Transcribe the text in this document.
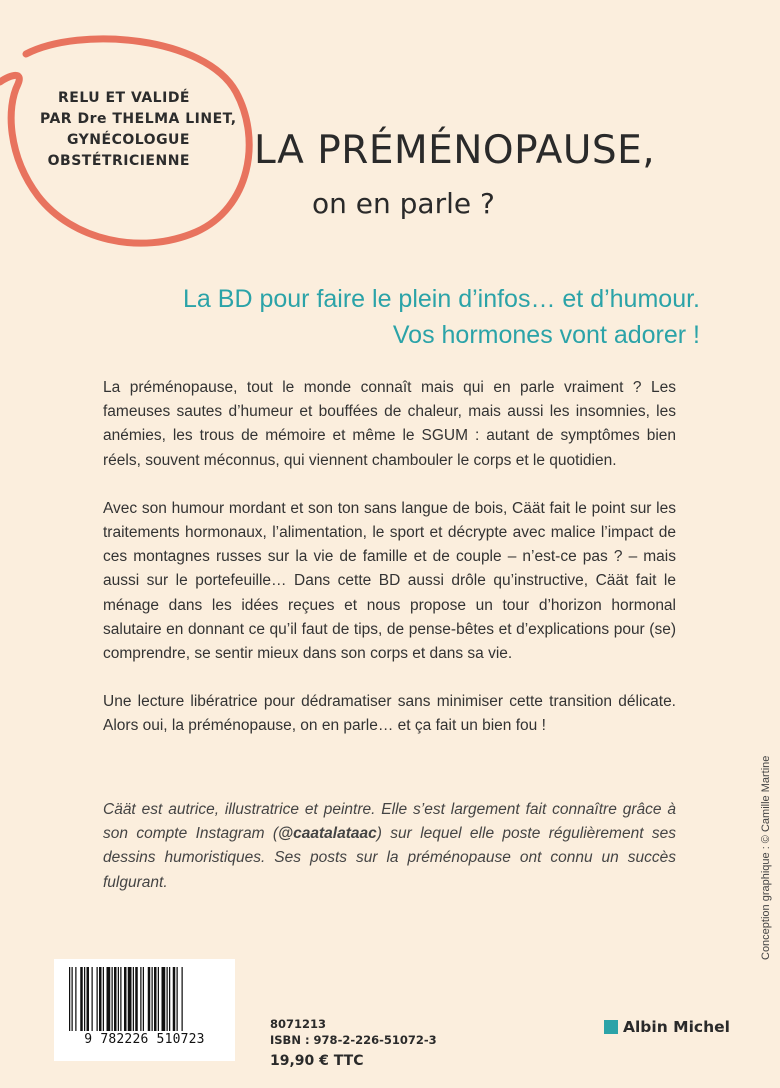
RELU ET VALIDÉ
PAR Dre THELMA LINET,
GYNÉCOLOGUE
OBSTÉTRICIENNE LA PRÉMÉNOPAUSE,
on en parle ?
La BD pour faire le plein d’infos… et d’humour.
Vos hormones vont adorer !

La préménopause, tout le monde connaît mais qui en parle vraiment ? Les fameuses sautes d’humeur et bouffées de chaleur, mais aussi les insomnies, les anémies, les trous de mémoire et même le SGUM : autant de symptômes bien réels, souvent méconnus, qui viennent chambouler le corps et le quotidien.

Avec son humour mordant et son ton sans langue de bois, Cäät fait le point sur les traitements hormonaux, l’alimentation, le sport et décrypte avec malice l’impact de ces montagnes russes sur la vie de famille et de couple – n’est-ce pas ? – mais aussi sur le portefeuille… Dans cette BD aussi drôle qu’instructive, Cäät fait le ménage dans les idées reçues et nous propose un tour d’horizon hormonal salutaire en donnant ce qu’il faut de tips, de pense-bêtes et d’explications pour (se) comprendre, se sentir mieux dans son corps et dans sa vie.

Une lecture libératrice pour dédramatiser sans minimiser cette transition délicate. Alors oui, la préménopause, on en parle… et ça fait un bien fou !

Cäät est autrice, illustratrice et peintre. Elle s’est largement fait connaître grâce à son compte Instagram (@caatalataac) sur lequel elle poste régulièrement ses dessins humoristiques. Ses posts sur la préménopause ont connu un succès fulgurant.	Conception graphique : © Camille Martine
9 782226 510723
8071213
ISBN : 978-2-226-51072-3
19,90 € TTC
Albin Michel
